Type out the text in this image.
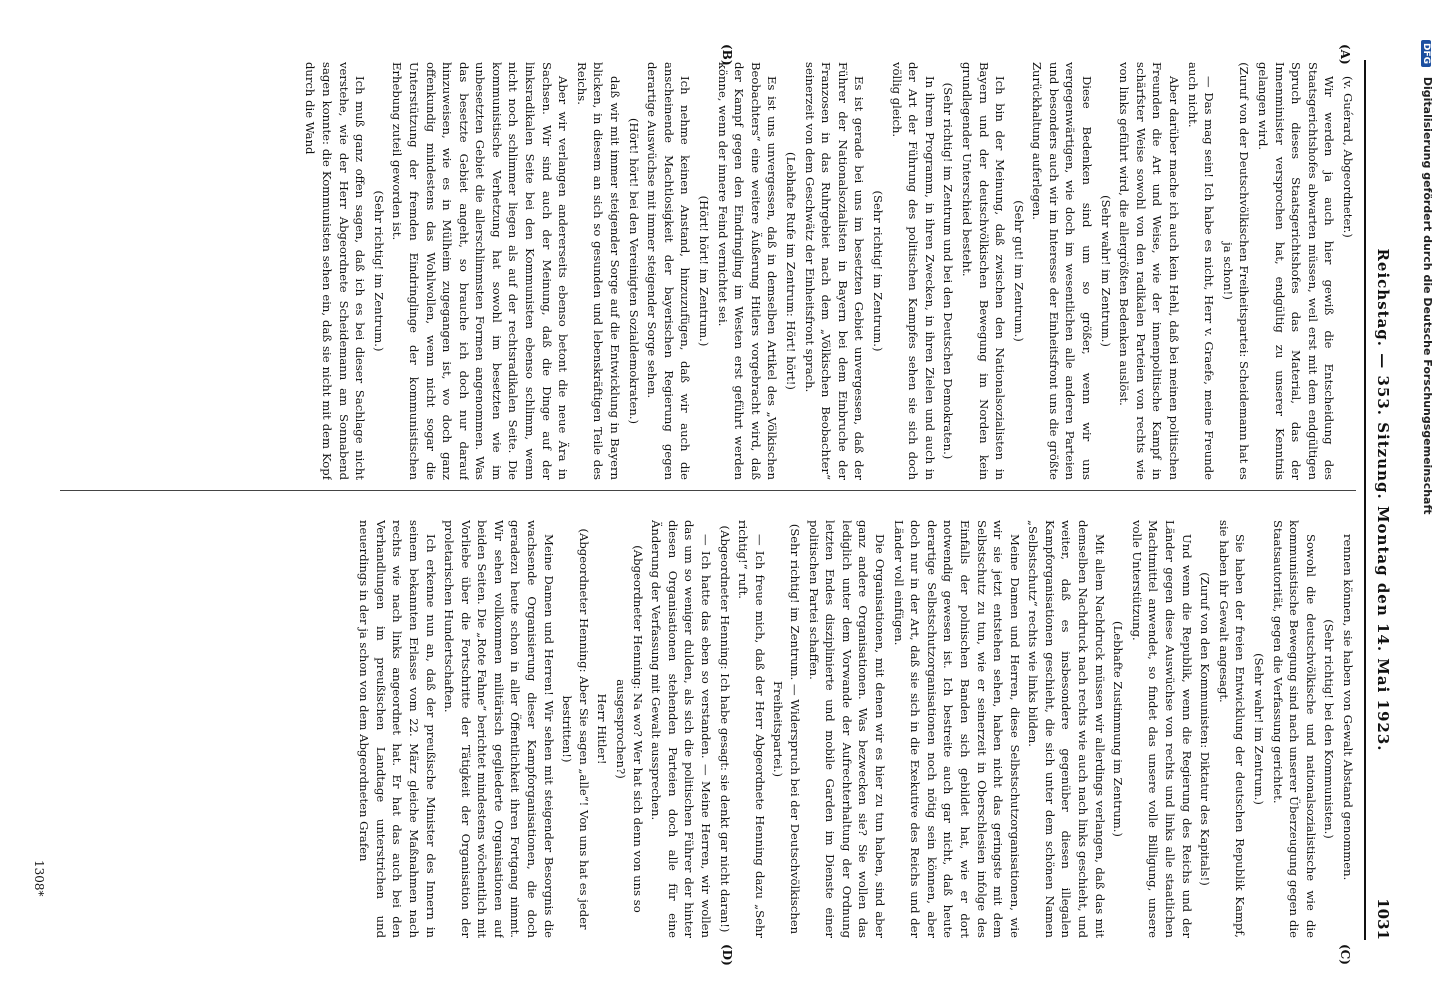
DFG Digitalisierung gefördert durch die Deutsche Forschungsgemeinschaft
Reichstag. — 353. Sitzung. Montag den 14. Mai 1923.
1031
(A)
(B)
(C)
(D)

(v. Guérard, Abgeordneter.)

Wir werden ja auch hier gewiß die Entscheidung des Staatsgerichtshofes abwarten müssen, weil erst mit dem endgültigen Spruch dieses Staatsgerichtshofes das Material, das der Innenminister versprochen hat, endgültig zu unserer Kenntnis gelangen wird.

(Zuruf von der Deutschvölkischen Freiheitspartei: Scheidemann hat es ja schon!)

— Das mag sein! Ich habe es nicht, Herr v. Graefe, meine Freunde auch nicht.

Aber darüber mache ich auch kein Hehl, daß bei meinen politischen Freunden die Art und Weise, wie der innenpolitische Kampf in schärfster Weise sowohl von den radikalen Parteien von rechts wie von links geführt wird, die allergrößten Bedenken auslöst.

(Sehr wahr! im Zentrum.)

Diese Bedenken sind um so größer, wenn wir uns vergegenwärtigen, wie doch im wesentlichen alle anderen Parteien und besonders auch wir im Interesse der Einheitsfront uns die größte Zurückhaltung auferlegen.

(Sehr gut! im Zentrum.)

Ich bin der Meinung, daß zwischen den Nationalsozialisten in Bayern und der deutschvölkischen Bewegung im Norden kein grundlegender Unterschied besteht.

(Sehr richtig! im Zentrum und bei den Deutschen Demokraten.)

In ihrem Programm, in ihren Zwecken, in ihren Zielen und auch in der Art der Führung des politischen Kampfes sehen sie sich doch völlig gleich.

(Sehr richtig! im Zentrum.)

Es ist gerade bei uns im besetzten Gebiet unvergessen, daß der Führer der Nationalsozialisten in Bayern bei dem Einbruche der Franzosen in das Ruhrgebiet nach dem „Völkischen Beobachter“ seinerzeit von dem Geschwätz der Einheitsfront sprach.

(Lebhafte Rufe im Zentrum: Hört! hört!)

Es ist uns unvergessen, daß in demselben Artikel des „Völkischen Beobachters“ eine weitere Äußerung Hitlers vorgebracht wird, daß der Kampf gegen den Eindringling im Westen erst geführt werden könne, wenn der innere Feind vernichtet sei.

(Hört! hört! im Zentrum.)

Ich nehme keinen Anstand, hinzuzufügen, daß wir auch die anscheinende Machtlosigkeit der bayerischen Regierung gegen derartige Auswüchse mit immer steigender Sorge sehen.

(Hört! hört! bei den Vereinigten Sozialdemokraten.)

daß wir mit immer steigender Sorge auf die Entwicklung in Bayern blicken, in diesem an sich so gesunden und lebenskräftigen Teile des Reichs.

Aber wir verlangen andererseits ebenso betont die neue Ära in Sachsen. Wir sind auch der Meinung, daß die Dinge auf der linksradikalen Seite bei den Kommunisten ebenso schlimm, wenn nicht noch schlimmer liegen als auf der rechtsradikalen Seite. Die kommunistische Verhetzung hat sowohl im besetzten wie im unbesetzten Gebiet die allerschlimmsten Formen angenommen. Was das besetzte Gebiet angeht, so brauche ich doch nur darauf hinzuweisen, wie es in Mülheim zugegangen ist, wo doch ganz offenkundig mindestens das Wohlwollen, wenn nicht sogar die Unterstützung der fremden Eindringlinge der kommunistischen Erhebung zuteil geworden ist.

(Sehr richtig! im Zentrum.)

Ich muß ganz offen sagen, daß ich es bei dieser Sachlage nicht verstehe, wie der Herr Abgeordnete Scheidemann am Sonnabend sagen konnte: die Kommunisten sehen ein, daß sie nicht mit dem Kopf durch die Wand

rennen können, sie haben von Gewalt Abstand genommen.

(Sehr richtig! bei den Kommunisten.)

Sowohl die deutschvölkische und nationalsozialistische wie die kommunistische Bewegung sind nach unserer Überzeugung gegen die Staatsautorität, gegen die Verfassung gerichtet.

(Sehr wahr! im Zentrum.)

Sie haben der freien Entwicklung der deutschen Republik Kampf, sie haben ihr Gewalt angesagt.

(Zuruf von den Kommunisten: Diktatur des Kapitals!)

Und wenn die Republik, wenn die Regierung des Reichs und der Länder gegen diese Auswüchse von rechts und links alle staatlichen Machtmittel anwendet, so findet das unsere volle Billigung, unsere volle Unterstützung.

(Lebhafte Zustimmung im Zentrum.)

Mit allem Nachdruck müssen wir allerdings verlangen, daß das mit demselben Nachdruck nach rechts wie auch nach links geschieht, und weiter, daß es insbesondere gegenüber diesen illegalen Kampforganisationen geschieht, die sich unter dem schönen Namen „Selbstschutz“ rechts wie links bilden.

Meine Damen und Herren, diese Selbstschutzorganisationen, wie wir sie jetzt entstehen sehen, haben nicht das geringste mit dem Selbstschutz zu tun, wie er seinerzeit in Oberschlesien infolge des Einfalls der polnischen Banden sich gebildet hat, wie er dort notwendig gewesen ist. Ich bestreite auch gar nicht, daß heute derartige Selbstschutzorganisationen noch nötig sein können, aber doch nur in der Art, daß sie sich in die Exekutive des Reichs und der Länder voll einfügen.

Die Organisationen, mit denen wir es hier zu tun haben, sind aber ganz andere Organisationen. Was bezwecken sie? Sie wollen das lediglich unter dem Vorwande der Aufrechterhaltung der Ordnung letzten Endes disziplinierte und mobile Garden im Dienste einer politischen Partei schaffen.

(Sehr richtig! im Zentrum. — Widerspruch bei der Deutschvölkischen Freiheitspartei.)

— Ich freue mich, daß der Herr Abgeordnete Henning dazu „Sehr richtig!“ ruft.

(Abgeordneter Henning: Ich habe gesagt: sie denkt gar nicht daran!)

— Ich hatte das eben so verstanden. — Meine Herren, wir wollen das um so weniger dulden, als sich die politischen Führer der hinter diesen Organisationen stehenden Parteien doch alle für eine Änderung der Verfassung mit Gewalt aussprechen.

(Abgeordneter Henning: Na wo? Wer hat sich denn von uns so ausgesprochen?)

Herr Hitler!

(Abgeordneter Henning: Aber Sie sagen „alle“! Von uns hat es jeder bestritten!)

Meine Damen und Herren! Wir sehen mit steigender Besorgnis die wachsende Organisierung dieser Kampforganisationen, die doch geradezu heute schon in aller Öffentlichkeit ihren Fortgang nimmt. Wir sehen vollkommen militärisch gegliederte Organisationen auf beiden Seiten. Die „Rote Fahne“ berichtet mindestens wöchentlich mit Vorliebe über die Fortschritte der Tätigkeit der Organisation der proletarischen Hundertschaften.

Ich erkenne nun an, daß der preußische Minister des Innern in seinem bekannten Erlasse vom 22. März gleiche Maßnahmen nach rechts wie nach links angeordnet hat. Er hat das auch bei den Verhandlungen im preußischen Landtage unterstrichen und neuerdings in der ja schon von dem Abgeordneten Grafen

1308*
